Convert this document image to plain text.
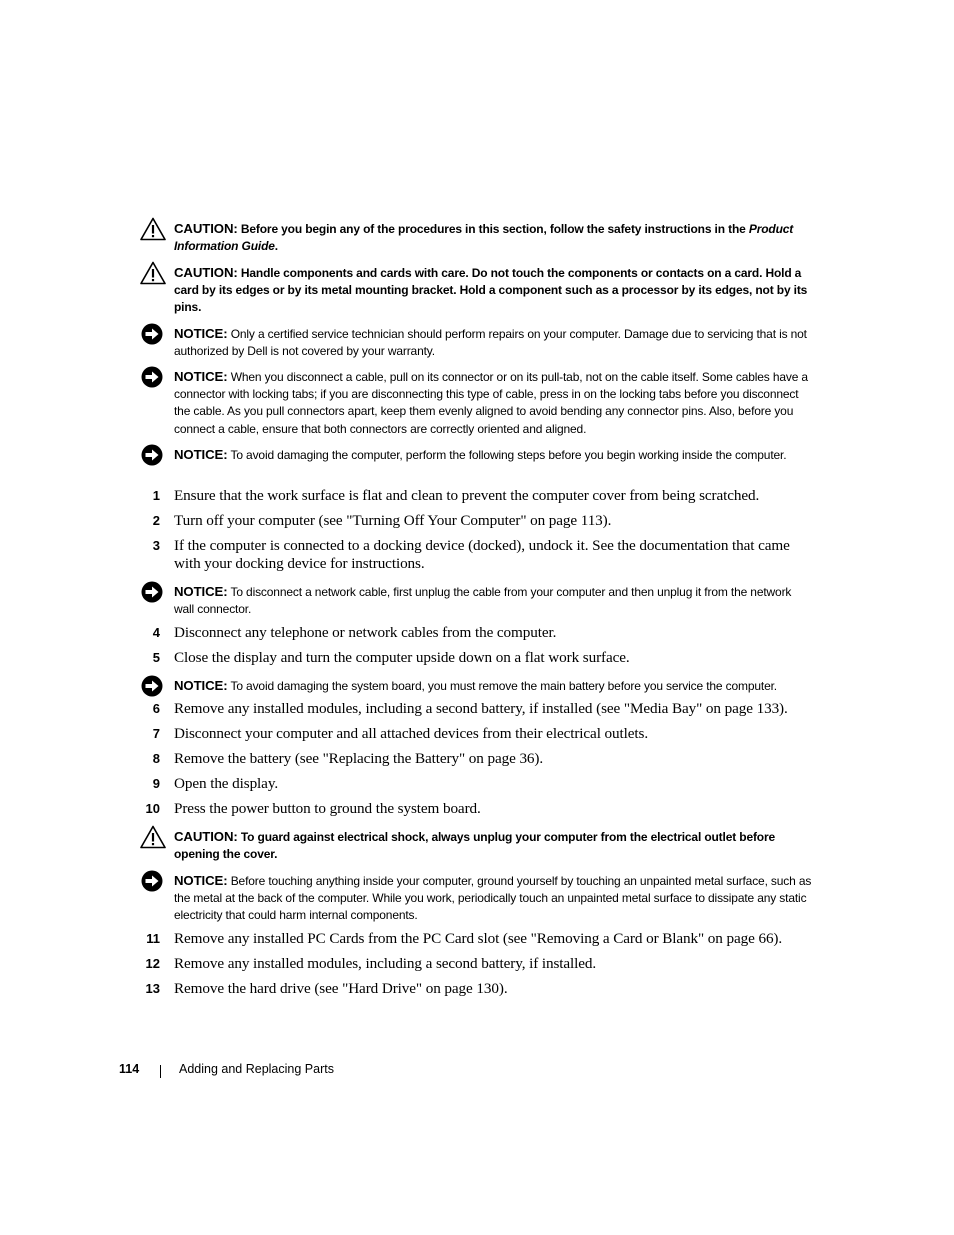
CAUTION: Before you begin any of the procedures in this section, follow the safety instructions in the Product Information Guide.
CAUTION: Handle components and cards with care. Do not touch the components or contacts on a card. Hold a card by its edges or by its metal mounting bracket. Hold a component such as a processor by its edges, not by its pins.
NOTICE: Only a certified service technician should perform repairs on your computer. Damage due to servicing that is not authorized by Dell is not covered by your warranty.
NOTICE: When you disconnect a cable, pull on its connector or on its pull-tab, not on the cable itself. Some cables have a connector with locking tabs; if you are disconnecting this type of cable, press in on the locking tabs before you disconnect the cable. As you pull connectors apart, keep them evenly aligned to avoid bending any connector pins. Also, before you connect a cable, ensure that both connectors are correctly oriented and aligned.
NOTICE: To avoid damaging the computer, perform the following steps before you begin working inside the computer.
1 Ensure that the work surface is flat and clean to prevent the computer cover from being scratched.
2 Turn off your computer (see "Turning Off Your Computer" on page 113).
3 If the computer is connected to a docking device (docked), undock it. See the documentation that came with your docking device for instructions.
NOTICE: To disconnect a network cable, first unplug the cable from your computer and then unplug it from the network wall connector.
4 Disconnect any telephone or network cables from the computer.
5 Close the display and turn the computer upside down on a flat work surface.
NOTICE: To avoid damaging the system board, you must remove the main battery before you service the computer.
6 Remove any installed modules, including a second battery, if installed (see "Media Bay" on page 133).
7 Disconnect your computer and all attached devices from their electrical outlets.
8 Remove the battery (see "Replacing the Battery" on page 36).
9 Open the display.
10 Press the power button to ground the system board.
CAUTION: To guard against electrical shock, always unplug your computer from the electrical outlet before opening the cover.
NOTICE: Before touching anything inside your computer, ground yourself by touching an unpainted metal surface, such as the metal at the back of the computer. While you work, periodically touch an unpainted metal surface to dissipate any static electricity that could harm internal components.
11 Remove any installed PC Cards from the PC Card slot (see "Removing a Card or Blank" on page 66).
12 Remove any installed modules, including a second battery, if installed.
13 Remove the hard drive (see "Hard Drive" on page 130).
114	Adding and Replacing Parts
